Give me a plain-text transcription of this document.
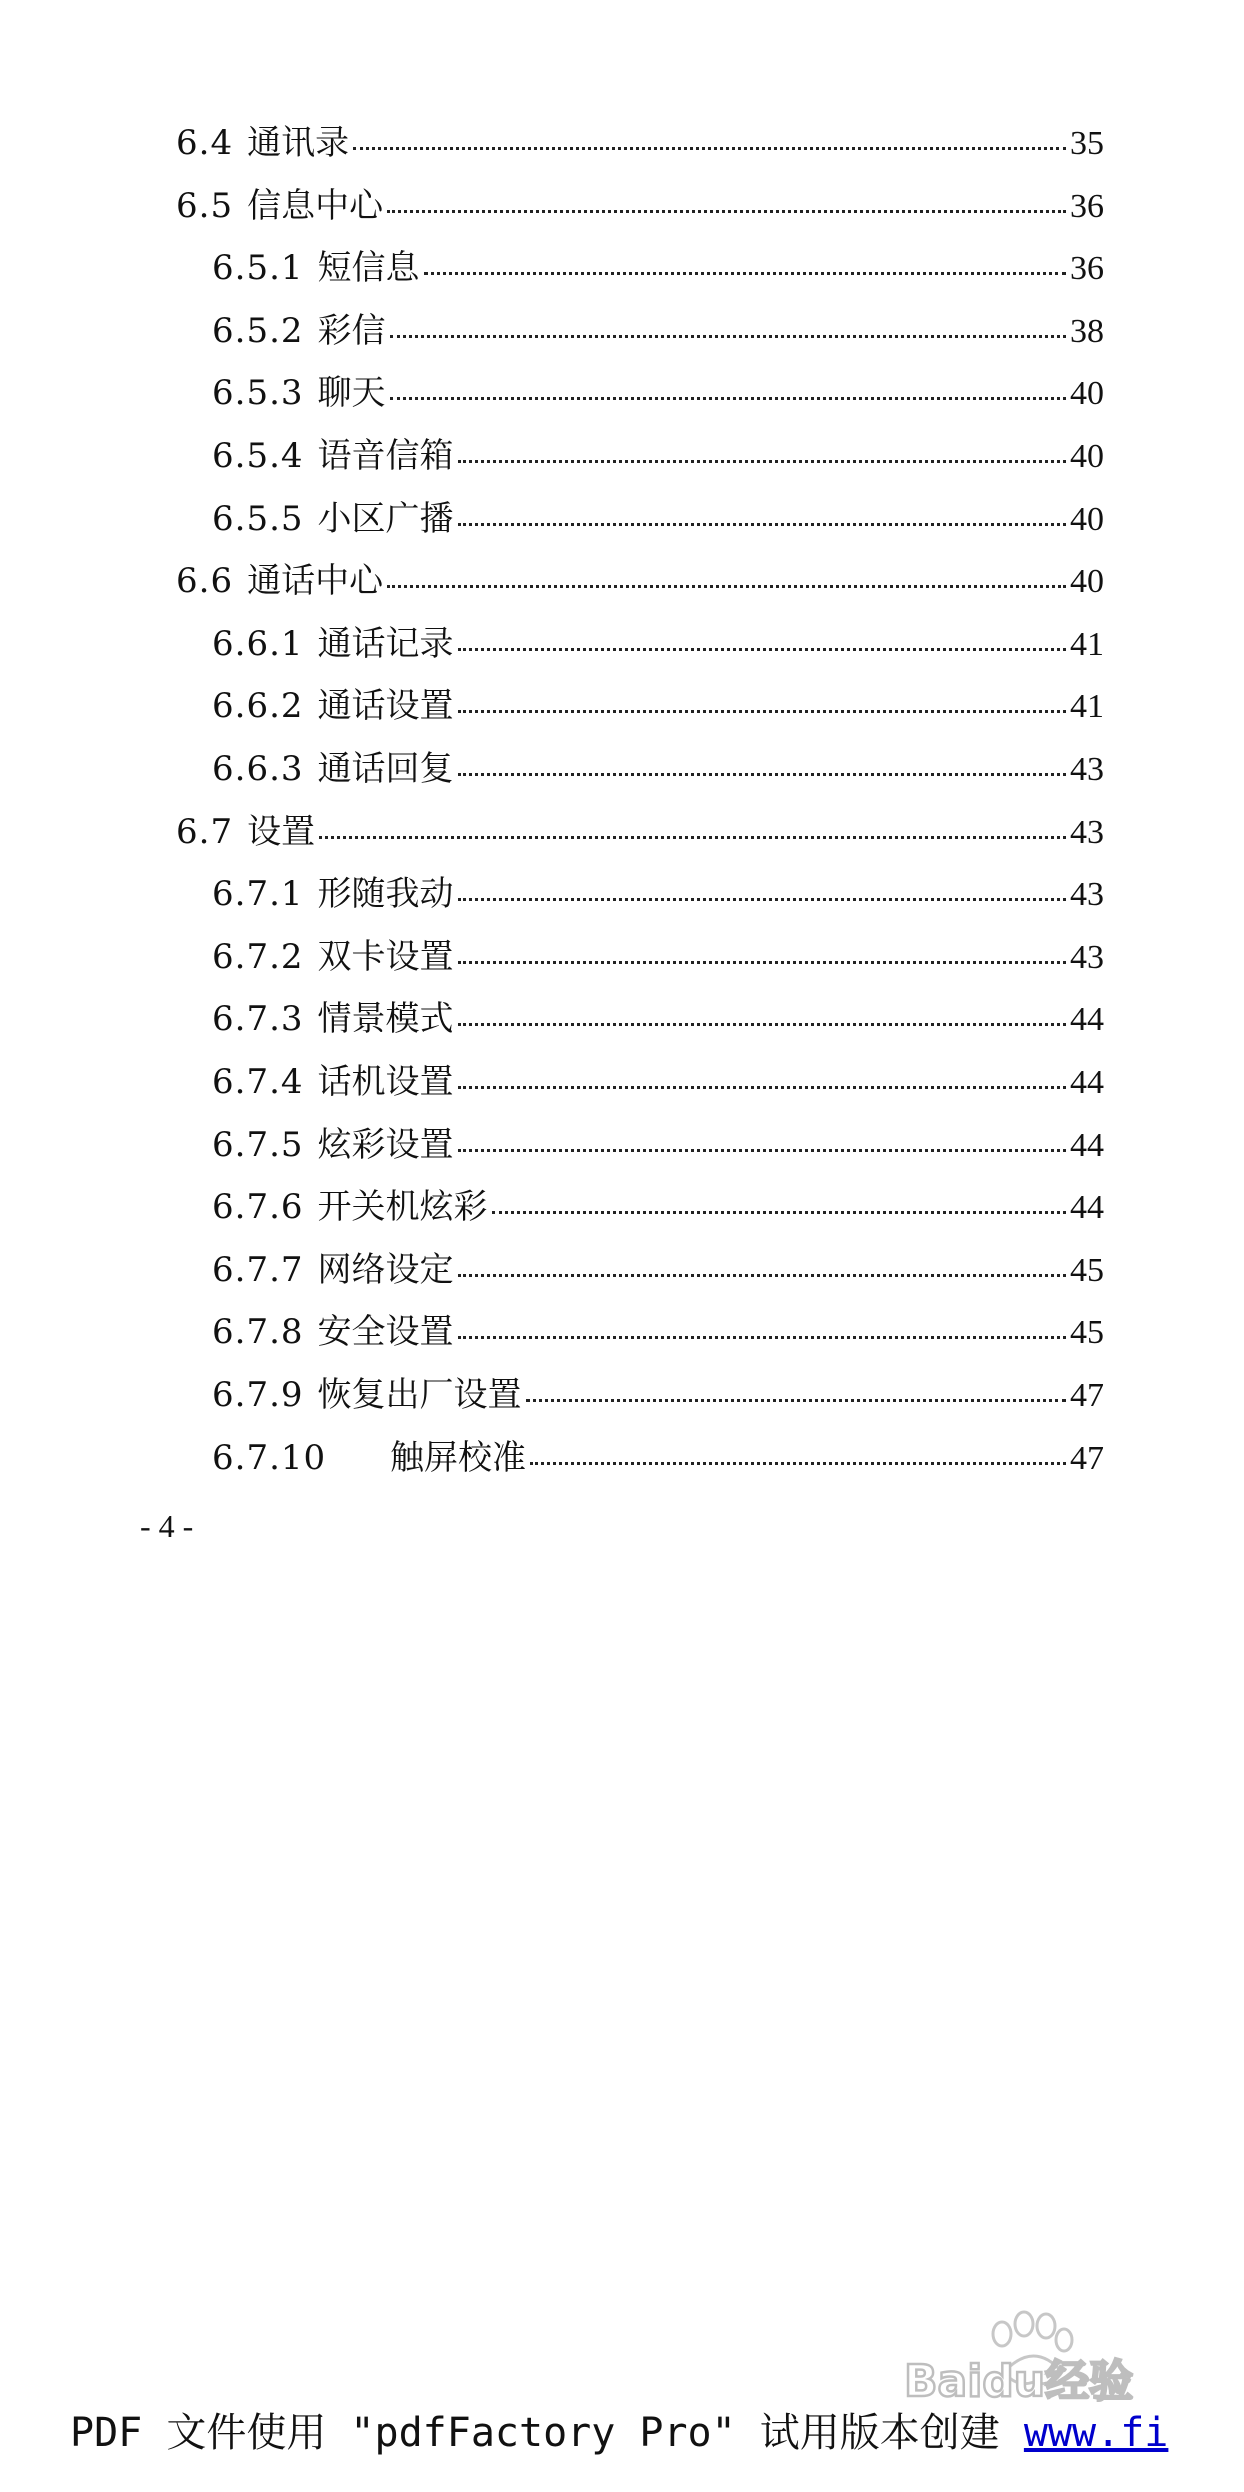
6.4 通讯录	35
6.5 信息中心	36
6.5.1 短信息	36
6.5.2 彩信	38
6.5.3 聊天	40
6.5.4 语音信箱	40
6.5.5 小区广播	40
6.6 通话中心	40
6.6.1 通话记录	41
6.6.2 通话设置	41
6.6.3 通话回复	43
6.7 设置	43
6.7.1 形随我动	43
6.7.2 双卡设置	43
6.7.3 情景模式	44
6.7.4 话机设置	44
6.7.5 炫彩设置	44
6.7.6 开关机炫彩	44
6.7.7 网络设定	45
6.7.8 安全设置	45
6.7.9 恢复出厂设置	47
6.7.10	触屏校准	47
- 4 -
Baidu经验
PDF 文件使用 "pdfFactory Pro" 试用版本创建 www.fi
